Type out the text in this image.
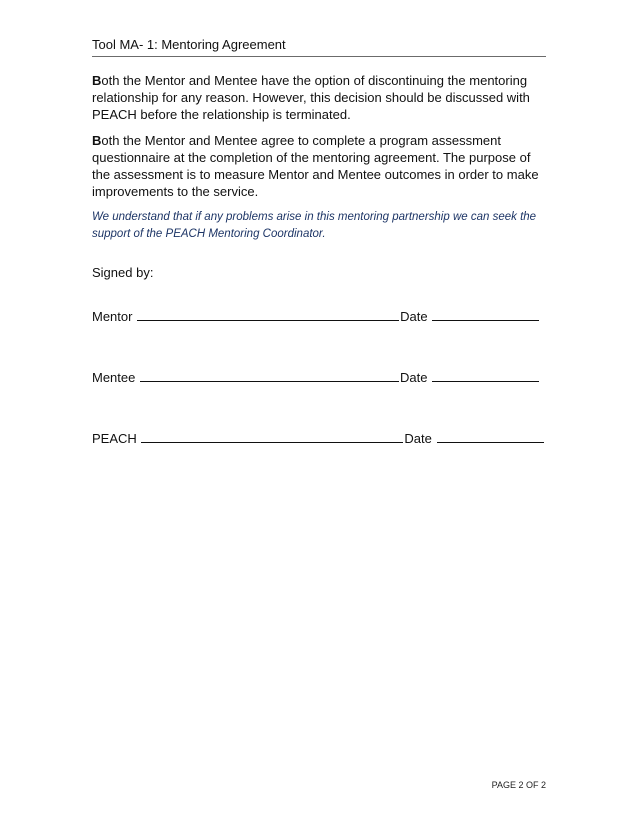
Tool MA- 1: Mentoring Agreement

Both the Mentor and Mentee have the option of discontinuing the mentoring relationship for any reason. However, this decision should be discussed with PEACH before the relationship is terminated.

Both the Mentor and Mentee agree to complete a program assessment questionnaire at the completion of the mentoring agreement. The purpose of the assessment is to measure Mentor and Mentee outcomes in order to make improvements to the service.

We understand that if any problems arise in this mentoring partnership we can seek the support of the PEACH Mentoring Coordinator.

Signed by:
Mentor	Date
Mentee	Date
PEACH	Date
PAGE 2 OF 2
